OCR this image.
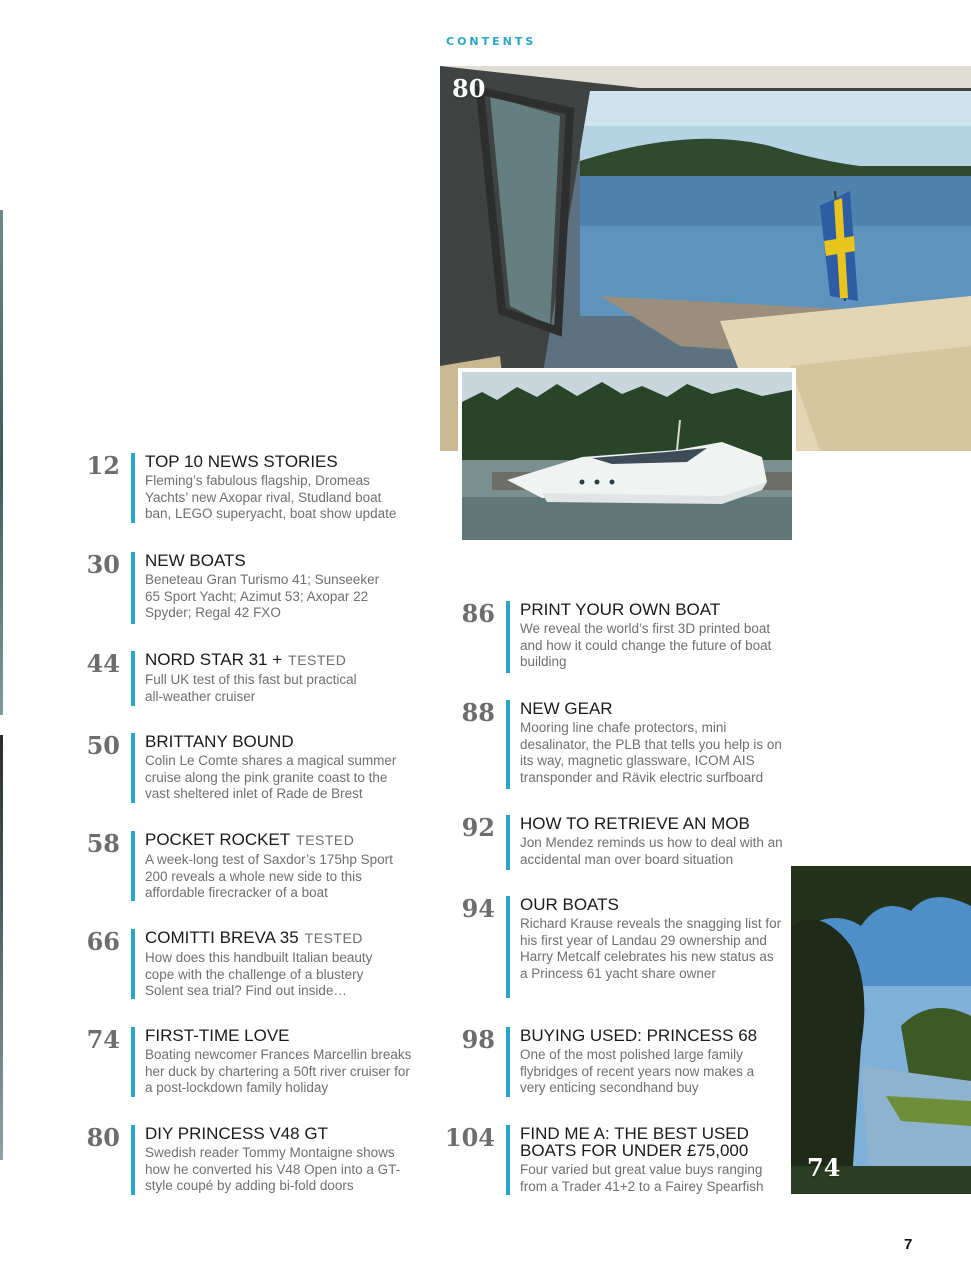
CONTENTS
80
74
12 TOP 10 NEWS STORIES
Fleming’s fabulous flagship, Dromeas Yachts’ new Axopar rival, Studland boat ban, LEGO superyacht, boat show update
30 NEW BOATS
Beneteau Gran Turismo 41; Sunseeker 65 Sport Yacht; Azimut 53; Axopar 22 Spyder; Regal 42 FXO
44 NORD STAR 31 + TESTED
Full UK test of this fast but practical all-weather cruiser
50 BRITTANY BOUND
Colin Le Comte shares a magical summer cruise along the pink granite coast to the vast sheltered inlet of Rade de Brest
58 POCKET ROCKET TESTED
A week-long test of Saxdor’s 175hp Sport 200 reveals a whole new side to this affordable firecracker of a boat
66 COMITTI BREVA 35 TESTED
How does this handbuilt Italian beauty cope with the challenge of a blustery Solent sea trial? Find out inside…
74 FIRST-TIME LOVE
Boating newcomer Frances Marcellin breaks her duck by chartering a 50ft river cruiser for a post-lockdown family holiday
80 DIY PRINCESS V48 GT
Swedish reader Tommy Montaigne shows how he converted his V48 Open into a GT-style coupé by adding bi-fold doors
86 PRINT YOUR OWN BOAT
We reveal the world’s first 3D printed boat and how it could change the future of boat building
88 NEW GEAR
Mooring line chafe protectors, mini desalinator, the PLB that tells you help is on its way, magnetic glassware, ICOM AIS transponder and Rävik electric surfboard
92 HOW TO RETRIEVE AN MOB
Jon Mendez reminds us how to deal with an accidental man over board situation
94 OUR BOATS
Richard Krause reveals the snagging list for his first year of Landau 29 ownership and Harry Metcalf celebrates his new status as a Princess 61 yacht share owner
98 BUYING USED: PRINCESS 68
One of the most polished large family flybridges of recent years now makes a very enticing secondhand buy
104 FIND ME A: THE BEST USED BOATS FOR UNDER £75,000
Four varied but great value buys ranging from a Trader 41+2 to a Fairey Spearfish
7
